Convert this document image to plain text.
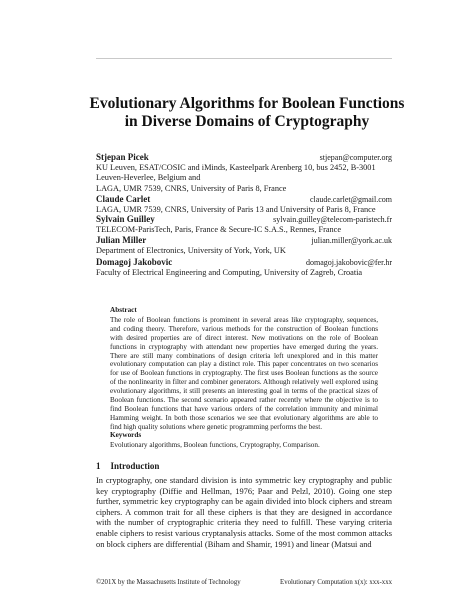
Evolutionary Algorithms for Boolean Functions
in Diverse Domains of Cryptography
Stjepan Picek	stjepan@computer.org
KU Leuven, ESAT/COSIC and iMinds, Kasteelpark Arenberg 10, bus 2452, B-3001
Leuven-Heverlee, Belgium and
LAGA, UMR 7539, CNRS, University of Paris 8, France
Claude Carlet	claude.carlet@gmail.com
LAGA, UMR 7539, CNRS, University of Paris 13 and University of Paris 8, France
Sylvain Guilley	sylvain.guilley@telecom-paristech.fr
TELECOM-ParisTech, Paris, France & Secure-IC S.A.S., Rennes, France
Julian Miller	julian.miller@york.ac.uk
Department of Electronics, University of York, York, UK
Domagoj Jakobovic	domagoj.jakobovic@fer.hr
Faculty of Electrical Engineering and Computing, University of Zagreb, Croatia
Abstract
The role of Boolean functions is prominent in several areas like cryptography, sequences, and coding theory. Therefore, various methods for the construction of Boolean functions with desired properties are of direct interest. New motivations on the role of Boolean functions in cryptography with attendant new properties have emerged during the years. There are still many combinations of design criteria left unexplored and in this matter evolutionary computation can play a distinct role. This paper concentrates on two scenarios for use of Boolean functions in cryptography. The first uses Boolean functions as the source of the nonlinearity in filter and combiner generators. Although relatively well explored using evolutionary algorithms, it still presents an interesting goal in terms of the practical sizes of Boolean functions. The second scenario appeared rather recently where the objective is to find Boolean functions that have various orders of the correlation immunity and minimal Hamming weight. In both those scenarios we see that evolutionary algorithms are able to find high quality solutions where genetic programming performs the best.
Keywords
Evolutionary algorithms, Boolean functions, Cryptography, Comparison.
1 Introduction
In cryptography, one standard division is into symmetric key cryptography and public key cryptography (Diffie and Hellman, 1976; Paar and Pelzl, 2010). Going one step further, symmetric key cryptography can be again divided into block ciphers and stream ciphers. A common trait for all these ciphers is that they are designed in accordance with the number of cryptographic criteria they need to fulfill. These varying criteria enable ciphers to resist various cryptanalysis attacks. Some of the most common attacks on block ciphers are differential (Biham and Shamir, 1991) and linear (Matsui and
©201X by the Massachusetts Institute of Technology	Evolutionary Computation x(x): xxx-xxx
